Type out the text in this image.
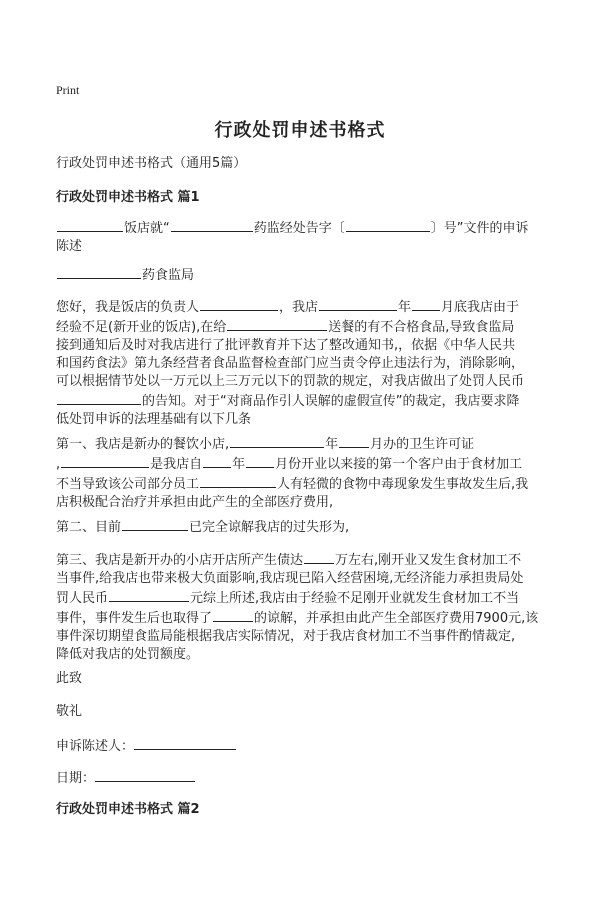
Print
行政处罚申述书格式
行政处罚申述书格式（通用5篇）
行政处罚申述书格式 篇1
饭店就“	药监经处告字〔	〕号”文件的申诉
陈述
药食监局
您好，我是饭店的负责人	，我店	年 月底我店由于
经验不足(新开业的饭店),在给	送餐的有不合格食品,导致食监局
接到通知后及时对我店进行了批评教育并下达了整改通知书,，依据《中华人民共
和国药食法》第九条经营者食品监督检查部门应当责令停止违法行为，消除影响，
可以根据情节处以一万元以上三万元以下的罚款的规定，对我店做出了处罚人民币
的告知。对于“对商品作引人误解的虚假宣传”的裁定，我店要求降
低处罚申诉的法理基础有以下几条
第一、我店是新办的餐饮小店,	年 月办的卫生许可证
,	是我店自 年 月份开业以来接的第一个客户由于食材加工
不当导致该公司部分员工	人有轻微的食物中毒现象发生事故发生后,我
店积极配合治疗并承担由此产生的全部医疗费用,
第二、目前	已完全谅解我店的过失形为,
第三、我店是新开办的小店开店所产生债达 万左右,刚开业又发生食材加工不
当事件,给我店也带来极大负面影响,我店现已陷入经营困境,无经济能力承担贵局处
罚人民币	元综上所述,我店由于经验不足刚开业就发生食材加工不当
事件，事件发生后也取得了	的谅解，并承担由此产生全部医疗费用7900元,该
事件深切期望食监局能根据我店实际情况，对于我店食材加工不当事件酌情裁定,
降低对我店的处罚额度。
此致
敬礼
申诉陈述人：
日期：
行政处罚申述书格式 篇2
